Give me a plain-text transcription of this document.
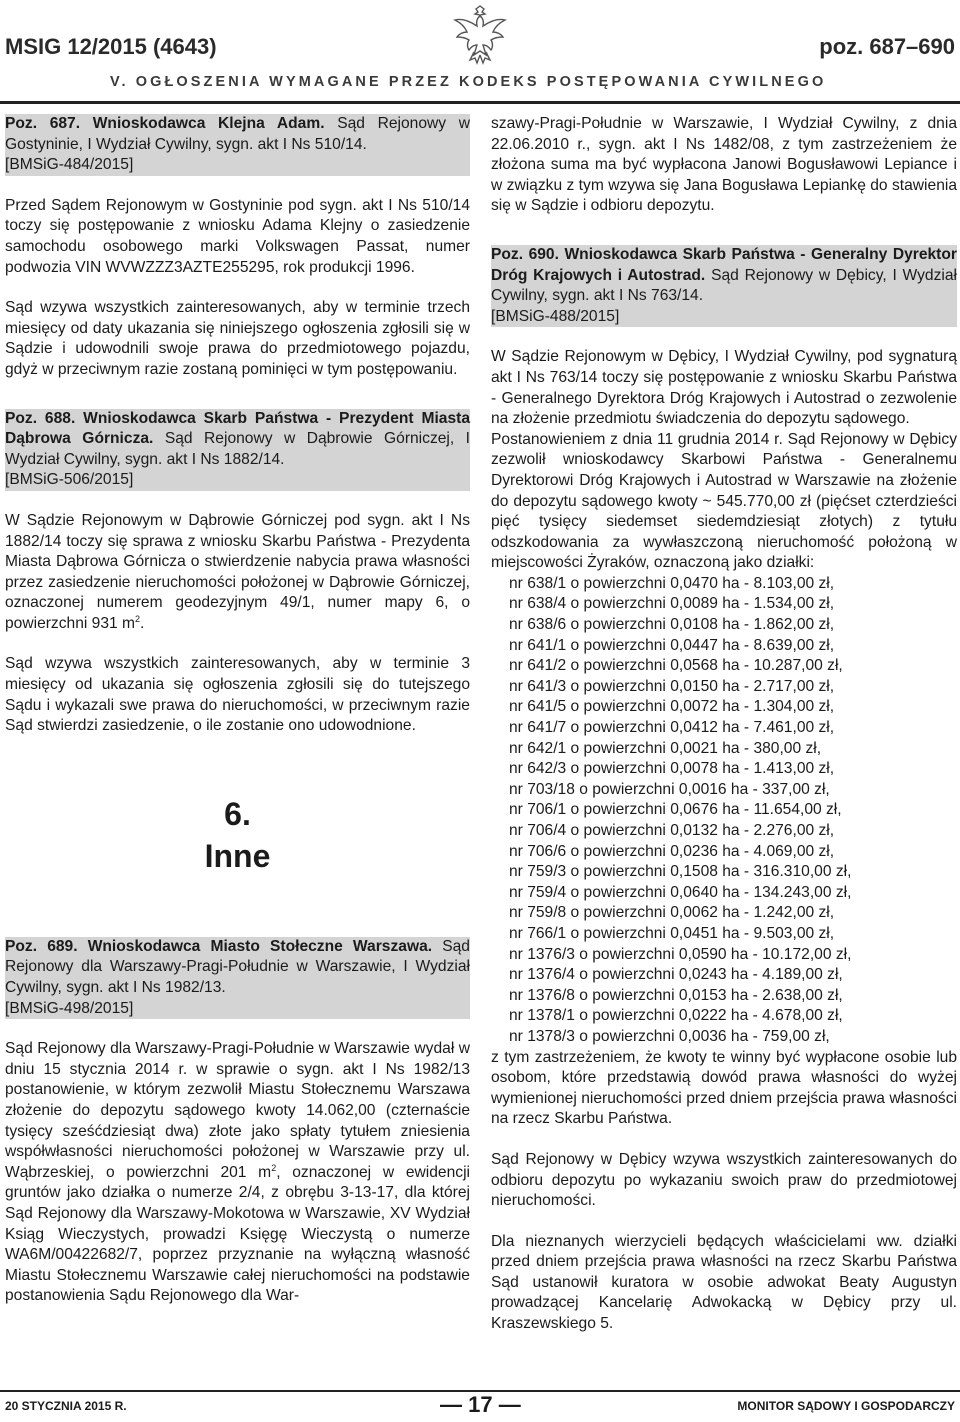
MSIG 12/2015 (4643)	poz. 687–690
V. OGŁOSZENIA WYMAGANE PRZEZ KODEKS POSTĘPOWANIA CYWILNEGO

Poz. 687. Wnioskodawca Klejna Adam. Sąd Rejonowy w Gostyninie, I Wydział Cywilny, sygn. akt I Ns 510/14.
[BMSiG-484/2015]

Przed Sądem Rejonowym w Gostyninie pod sygn. akt I Ns 510/14 toczy się postępowanie z wniosku Adama Klejny o zasiedzenie samochodu osobowego marki Volkswagen Passat, numer podwozia VIN WVWZZZ3AZTE255295, rok produkcji 1996.

Sąd wzywa wszystkich zainteresowanych, aby w terminie trzech miesięcy od daty ukazania się niniejszego ogłoszenia zgłosili się w Sądzie i udowodnili swoje prawa do przedmiotowego pojazdu, gdyż w przeciwnym razie zostaną pominięci w tym postępowaniu.

Poz. 688. Wnioskodawca Skarb Państwa - Prezydent Miasta Dąbrowa Górnicza. Sąd Rejonowy w Dąbrowie Górniczej, I Wydział Cywilny, sygn. akt I Ns 1882/14.
[BMSiG-506/2015]

W Sądzie Rejonowym w Dąbrowie Górniczej pod sygn. akt I Ns 1882/14 toczy się sprawa z wniosku Skarbu Państwa - Prezydenta Miasta Dąbrowa Górnicza o stwierdzenie nabycia prawa własności przez zasiedzenie nieruchomości położonej w Dąbrowie Górniczej, oznaczonej numerem geodezyjnym 49/1, numer mapy 6, o powierzchni 931 $m^2$.

Sąd wzywa wszystkich zainteresowanych, aby w terminie 3 miesięcy od ukazania się ogłoszenia zgłosili się do tutejszego Sądu i wykazali swe prawa do nieruchomości, w przeciwnym razie Sąd stwierdzi zasiedzenie, o ile zostanie ono udowodnione.

6.
Inne

Poz. 689. Wnioskodawca Miasto Stołeczne Warszawa. Sąd Rejonowy dla Warszawy-Pragi-Południe w Warszawie, I Wydział Cywilny, sygn. akt I Ns 1982/13.
[BMSiG-498/2015]

Sąd Rejonowy dla Warszawy-Pragi-Południe w Warszawie wydał w dniu 15 stycznia 2014 r. w sprawie o sygn. akt I Ns 1982/13 postanowienie, w którym zezwolił Miastu Stołecznemu Warszawa złożenie do depozytu sądowego kwoty 14.062,00 (czternaście tysięcy sześćdziesiąt dwa) złote jako spłaty tytułem zniesienia współwłasności nieruchomości położonej w Warszawie przy ul. Wąbrzeskiej, o powierzchni 201 $m^2$, oznaczonej w ewidencji gruntów jako działka o numerze 2/4, z obrębu 3-13-17, dla której Sąd Rejonowy dla Warszawy-Mokotowa w Warszawie, XV Wydział Ksiąg Wieczystych, prowadzi Księgę Wieczystą o numerze WA6M/00422682/7, poprzez przyznanie na wyłączną własność Miastu Stołecznemu Warszawie całej nieruchomości na podstawie postanowienia Sądu Rejonowego dla War-

szawy-Pragi-Południe w Warszawie, I Wydział Cywilny, z dnia 22.06.2010 r., sygn. akt I Ns 1482/08, z tym zastrzeżeniem że złożona suma ma być wypłacona Janowi Bogusławowi Lepiance i w związku z tym wzywa się Jana Bogusława Lepiankę do stawienia się w Sądzie i odbioru depozytu.

Poz. 690. Wnioskodawca Skarb Państwa - Generalny Dyrektor Dróg Krajowych i Autostrad. Sąd Rejonowy w Dębicy, I Wydział Cywilny, sygn. akt I Ns 763/14.
[BMSiG-488/2015]

W Sądzie Rejonowym w Dębicy, I Wydział Cywilny, pod sygnaturą akt I Ns 763/14 toczy się postępowanie z wniosku Skarbu Państwa - Generalnego Dyrektora Dróg Krajowych i Autostrad o zezwolenie na złożenie przedmiotu świadczenia do depozytu sądowego.

Postanowieniem z dnia 11 grudnia 2014 r. Sąd Rejonowy w Dębicy zezwolił wnioskodawcy Skarbowi Państwa - Generalnemu Dyrektorowi Dróg Krajowych i Autostrad w Warszawie na złożenie do depozytu sądowego kwoty ~ 545.770,00 zł (pięćset czterdzieści pięć tysięcy siedemset siedemdziesiąt złotych) z tytułu odszkodowania za wywłaszczoną nieruchomość położoną w miejscowości Żyraków, oznaczoną jako działki:

nr 638/1 o powierzchni 0,0470 ha - 8.103,00 zł,
nr 638/4 o powierzchni 0,0089 ha - 1.534,00 zł,
nr 638/6 o powierzchni 0,0108 ha - 1.862,00 zł,
nr 641/1 o powierzchni 0,0447 ha - 8.639,00 zł,
nr 641/2 o powierzchni 0,0568 ha - 10.287,00 zł,
nr 641/3 o powierzchni 0,0150 ha - 2.717,00 zł,
nr 641/5 o powierzchni 0,0072 ha - 1.304,00 zł,
nr 641/7 o powierzchni 0,0412 ha - 7.461,00 zł,
nr 642/1 o powierzchni 0,0021 ha - 380,00 zł,
nr 642/3 o powierzchni 0,0078 ha - 1.413,00 zł,
nr 703/18 o powierzchni 0,0016 ha - 337,00 zł,
nr 706/1 o powierzchni 0,0676 ha - 11.654,00 zł,
nr 706/4 o powierzchni 0,0132 ha - 2.276,00 zł,
nr 706/6 o powierzchni 0,0236 ha - 4.069,00 zł,
nr 759/3 o powierzchni 0,1508 ha - 316.310,00 zł,
nr 759/4 o powierzchni 0,0640 ha - 134.243,00 zł,
nr 759/8 o powierzchni 0,0062 ha - 1.242,00 zł,
nr 766/1 o powierzchni 0,0451 ha - 9.503,00 zł,
nr 1376/3 o powierzchni 0,0590 ha - 10.172,00 zł,
nr 1376/4 o powierzchni 0,0243 ha - 4.189,00 zł,
nr 1376/8 o powierzchni 0,0153 ha - 2.638,00 zł,
nr 1378/1 o powierzchni 0,0222 ha - 4.678,00 zł,
nr 1378/3 o powierzchni 0,0036 ha - 759,00 zł,

z tym zastrzeżeniem, że kwoty te winny być wypłacone osobie lub osobom, które przedstawią dowód prawa własności do wyżej wymienionej nieruchomości przed dniem przejścia prawa własności na rzecz Skarbu Państwa.

Sąd Rejonowy w Dębicy wzywa wszystkich zainteresowanych do odbioru depozytu po wykazaniu swoich praw do przedmiotowej nieruchomości.

Dla nieznanych wierzycieli będących właścicielami ww. działki przed dniem przejścia prawa własności na rzecz Skarbu Państwa Sąd ustanowił kuratora w osobie adwokat Beaty Augustyn prowadzącej Kancelarię Adwokacką w Dębicy przy ul. Kraszewskiego 5.

20 STYCZNIA 2015 R.	— 17 —	MONITOR SĄDOWY I GOSPODARCZY
